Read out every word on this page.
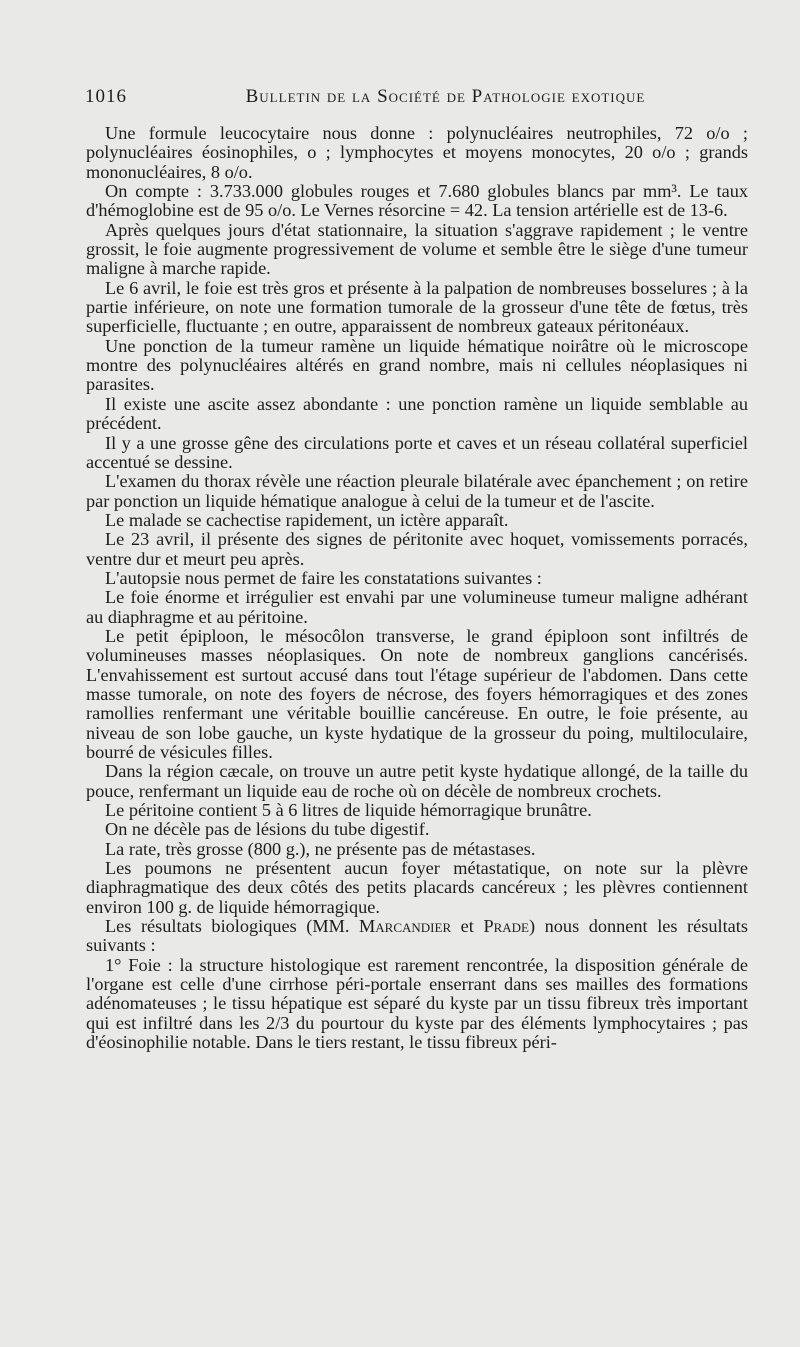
1016	Bulletin de la Société de Pathologie exotique

Une formule leucocytaire nous donne : polynucléaires neutrophiles, 72 o/o ; polynucléaires éosinophiles, o ; lymphocytes et moyens monocytes, 20 o/o ; grands mononucléaires, 8 o/o.

On compte : 3.733.000 globules rouges et 7.680 globules blancs par mm³. Le taux d'hémoglobine est de 95 o/o. Le Vernes résorcine = 42. La tension artérielle est de 13-6.

Après quelques jours d'état stationnaire, la situation s'aggrave rapidement ; le ventre grossit, le foie augmente progressivement de volume et semble être le siège d'une tumeur maligne à marche rapide.

Le 6 avril, le foie est très gros et présente à la palpation de nombreuses bosselures ; à la partie inférieure, on note une formation tumorale de la grosseur d'une tête de fœtus, très superficielle, fluctuante ; en outre, apparaissent de nombreux gateaux péritonéaux.

Une ponction de la tumeur ramène un liquide hématique noirâtre où le microscope montre des polynucléaires altérés en grand nombre, mais ni cellules néoplasiques ni parasites.

Il existe une ascite assez abondante : une ponction ramène un liquide semblable au précédent.

Il y a une grosse gêne des circulations porte et caves et un réseau collatéral superficiel accentué se dessine.

L'examen du thorax révèle une réaction pleurale bilatérale avec épanchement ; on retire par ponction un liquide hématique analogue à celui de la tumeur et de l'ascite.

Le malade se cachectise rapidement, un ictère apparaît.

Le 23 avril, il présente des signes de péritonite avec hoquet, vomissements porracés, ventre dur et meurt peu après.

L'autopsie nous permet de faire les constatations suivantes :

Le foie énorme et irrégulier est envahi par une volumineuse tumeur maligne adhérant au diaphragme et au péritoine.

Le petit épiploon, le mésocôlon transverse, le grand épiploon sont infiltrés de volumineuses masses néoplasiques. On note de nombreux ganglions cancérisés. L'envahissement est surtout accusé dans tout l'étage supérieur de l'abdomen. Dans cette masse tumorale, on note des foyers de nécrose, des foyers hémorragiques et des zones ramollies renfermant une véritable bouillie cancéreuse. En outre, le foie présente, au niveau de son lobe gauche, un kyste hydatique de la grosseur du poing, multiloculaire, bourré de vésicules filles.

Dans la région cæcale, on trouve un autre petit kyste hydatique allongé, de la taille du pouce, renfermant un liquide eau de roche où on décèle de nombreux crochets.

Le péritoine contient 5 à 6 litres de liquide hémorragique brunâtre.

On ne décèle pas de lésions du tube digestif.

La rate, très grosse (800 g.), ne présente pas de métastases.

Les poumons ne présentent aucun foyer métastatique, on note sur la plèvre diaphragmatique des deux côtés des petits placards cancéreux ; les plèvres contiennent environ 100 g. de liquide hémorragique.

Les résultats biologiques (MM. Marcandier et Prade) nous donnent les résultats suivants :

1° Foie : la structure histologique est rarement rencontrée, la disposition générale de l'organe est celle d'une cirrhose péri-portale enserrant dans ses mailles des formations adénomateuses ; le tissu hépatique est séparé du kyste par un tissu fibreux très important qui est infiltré dans les 2/3 du pourtour du kyste par des éléments lymphocytaires ; pas d'éosinophilie notable. Dans le tiers restant, le tissu fibreux péri-
